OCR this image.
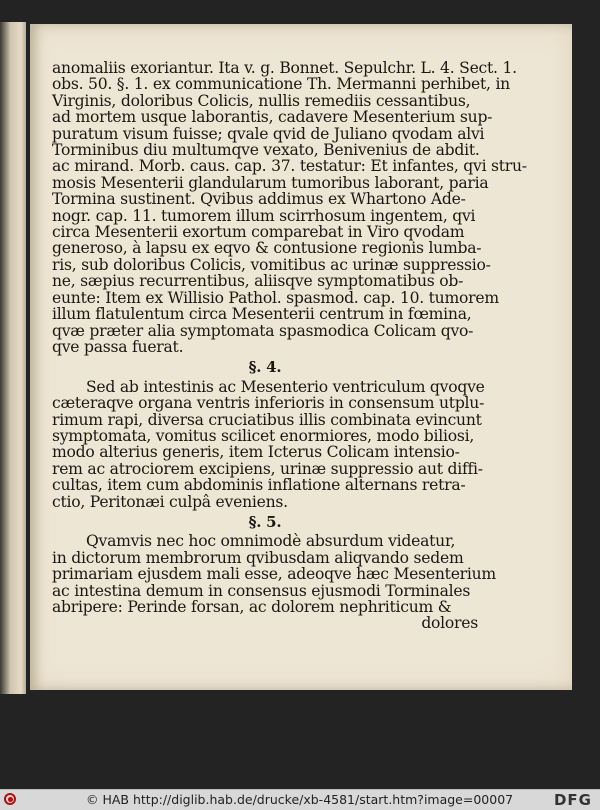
anomaliis exoriantur. Ita v. g. Bonnet. Sepulchr. L. 4. Sect. 1.
obs. 50. §. 1. ex communicatione Th. Mermanni perhibet, in
Virginis, doloribus Colicis, nullis remediis cessantibus,
ad mortem usque laborantis, cadavere Mesenterium sup-
puratum visum fuisse; qvale qvid de Juliano qvodam alvi
Torminibus diu multumqve vexato, Benivenius de abdit.
ac mirand. Morb. caus. cap. 37. testatur: Et infantes, qvi stru-
mosis Mesenterii glandularum tumoribus laborant, paria
Tormina sustinent. Qvibus addimus ex Whartono Ade-
nogr. cap. 11. tumorem illum scirrhosum ingentem, qvi
circa Mesenterii exortum comparebat in Viro qvodam
generoso, à lapsu ex eqvo & contusione regionis lumba-
ris, sub doloribus Colicis, vomitibus ac urinæ suppressio-
ne, sæpius recurrentibus, aliisqve symptomatibus ob-
eunte: Item ex Willisio Pathol. spasmod. cap. 10. tumorem
illum flatulentum circa Mesenterii centrum in fœmina,
qvæ præter alia symptomata spasmodica Colicam qvo-
qve passa fuerat.
§. 4.
Sed ab intestinis ac Mesenterio ventriculum qvoqve
cæteraqve organa ventris inferioris in consensum utplu-
rimum rapi, diversa cruciatibus illis combinata evincunt
symptomata, vomitus scilicet enormiores, modo biliosi,
modo alterius generis, item Icterus Colicam intensio-
rem ac atrociorem excipiens, urinæ suppressio aut diffi-
cultas, item cum abdominis inflatione alternans retra-
ctio, Peritonæi culpâ eveniens.
§. 5.
Qvamvis nec hoc omnimodè absurdum videatur,
in dictorum membrorum qvibusdam aliqvando sedem
primariam ejusdem mali esse, adeoqve hæc Mesenterium
ac intestina demum in consensus ejusmodi Torminales
abripere: Perinde forsan, ac dolorem nephriticum &
dolores
© HAB http://diglib.hab.de/drucke/xb-4581/start.htm?image=00007	DFG
